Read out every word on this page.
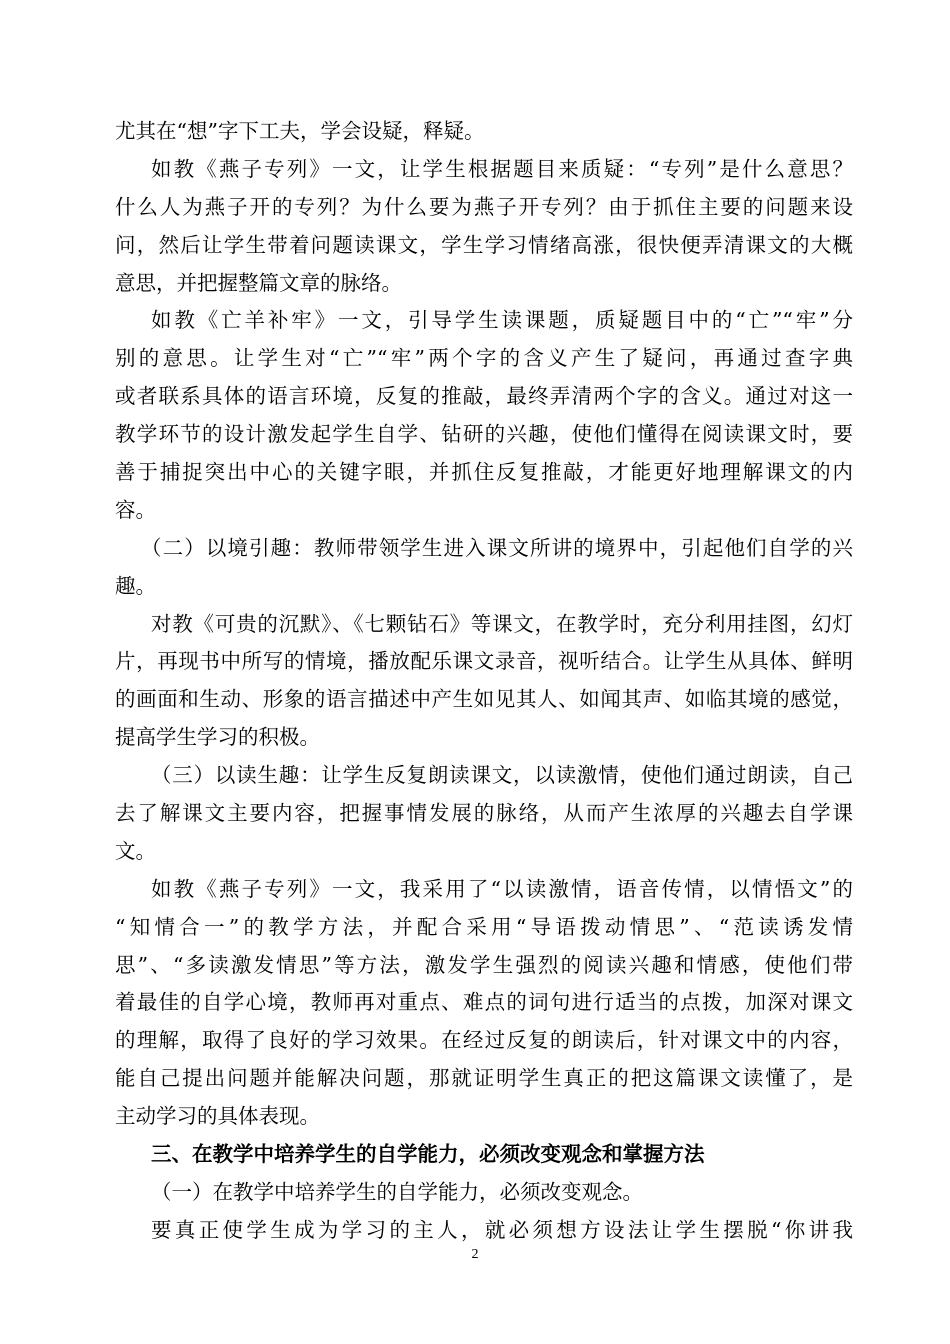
尤其在“想”字下工夫，学会设疑，释疑。
如教《燕子专列》一文，让学生根据题目来质疑：“专列”是什么意思？
什么人为燕子开的专列？为什么要为燕子开专列？由于抓住主要的问题来设
问，然后让学生带着问题读课文，学生学习情绪高涨，很快便弄清课文的大概
意思，并把握整篇文章的脉络。
如教《亡羊补牢》一文，引导学生读课题，质疑题目中的“亡”“牢”分
别的意思。让学生对“亡”“牢”两个字的含义产生了疑问，再通过查字典
或者联系具体的语言环境，反复的推敲，最终弄清两个字的含义。通过对这一
教学环节的设计激发起学生自学、钻研的兴趣，使他们懂得在阅读课文时，要
善于捕捉突出中心的关键字眼，并抓住反复推敲，才能更好地理解课文的内
容。
（二）以境引趣：教师带领学生进入课文所讲的境界中，引起他们自学的兴
趣。
对教《可贵的沉默》、《七颗钻石》等课文，在教学时，充分利用挂图，幻灯
片，再现书中所写的情境，播放配乐课文录音，视听结合。让学生从具体、鲜明
的画面和生动、形象的语言描述中产生如见其人、如闻其声、如临其境的感觉，
提高学生学习的积极。
（三）以读生趣：让学生反复朗读课文，以读激情，使他们通过朗读，自己
去了解课文主要内容，把握事情发展的脉络，从而产生浓厚的兴趣去自学课
文。
如教《燕子专列》一文，我采用了“以读激情，语音传情，以情悟文”的
“知情合一”的教学方法，并配合采用“导语拨动情思”、“范读诱发情
思”、“多读激发情思”等方法，激发学生强烈的阅读兴趣和情感，使他们带
着最佳的自学心境，教师再对重点、难点的词句进行适当的点拨，加深对课文
的理解，取得了良好的学习效果。在经过反复的朗读后，针对课文中的内容，
能自己提出问题并能解决问题，那就证明学生真正的把这篇课文读懂了，是
主动学习的具体表现。
三、在教学中培养学生的自学能力，必须改变观念和掌握方法
（一）在教学中培养学生的自学能力，必须改变观念。
要真正使学生成为学习的主人，就必须想方设法让学生摆脱“你讲我
2
